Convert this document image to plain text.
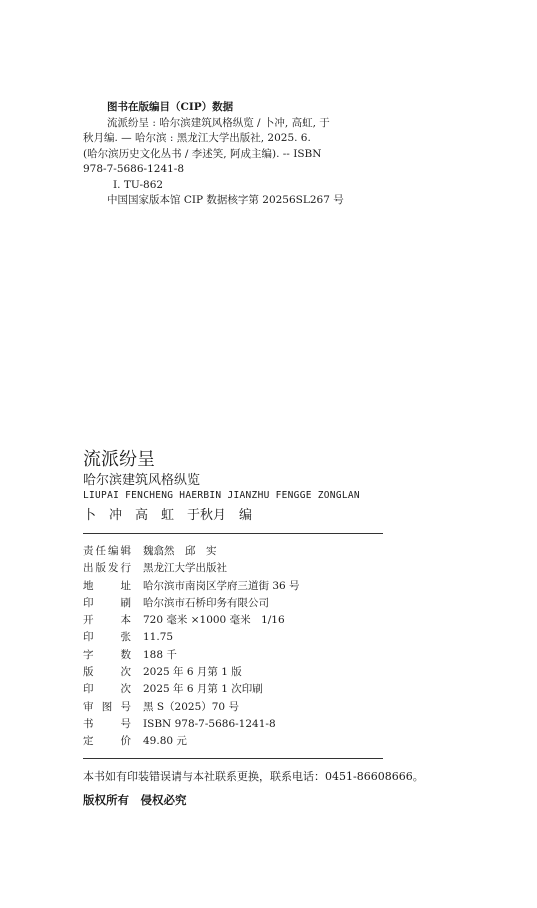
图书在版编目（CIP）数据
流派纷呈 : 哈尔滨建筑风格纵览 / 卜冲, 高虹, 于
秋月编. — 哈尔滨 : 黑龙江大学出版社, 2025. 6.
(哈尔滨历史文化丛书 / 李述笑, 阿成主编). -- ISBN
978-7-5686-1241-8
Ⅰ. TU-862
中国国家版本馆 CIP 数据核字第 20256SL267 号
流派纷呈
哈尔滨建筑风格纵览
LIUPAI FENCHENG HAERBIN JIANZHU FENGGE ZONGLAN
卜　冲　高　虹　于秋月　编
责 任 编 辑 魏翕然　邱　实
出 版 发 行 黑龙江大学出版社
地	址 哈尔滨市南岗区学府三道街 36 号
印	刷 哈尔滨市石桥印务有限公司
开	本 720 毫米 ×1000 毫米　1/16
印	张 11.75
字	数 188 千
版	次 2025 年 6 月第 1 版
印	次 2025 年 6 月第 1 次印刷
审 图 号 黑 S（2025）70 号
书	号 ISBN 978-7-5686-1241-8
定	价 49.80 元
本书如有印装错误请与本社联系更换，联系电话：0451-86608666。
版权所有　侵权必究
